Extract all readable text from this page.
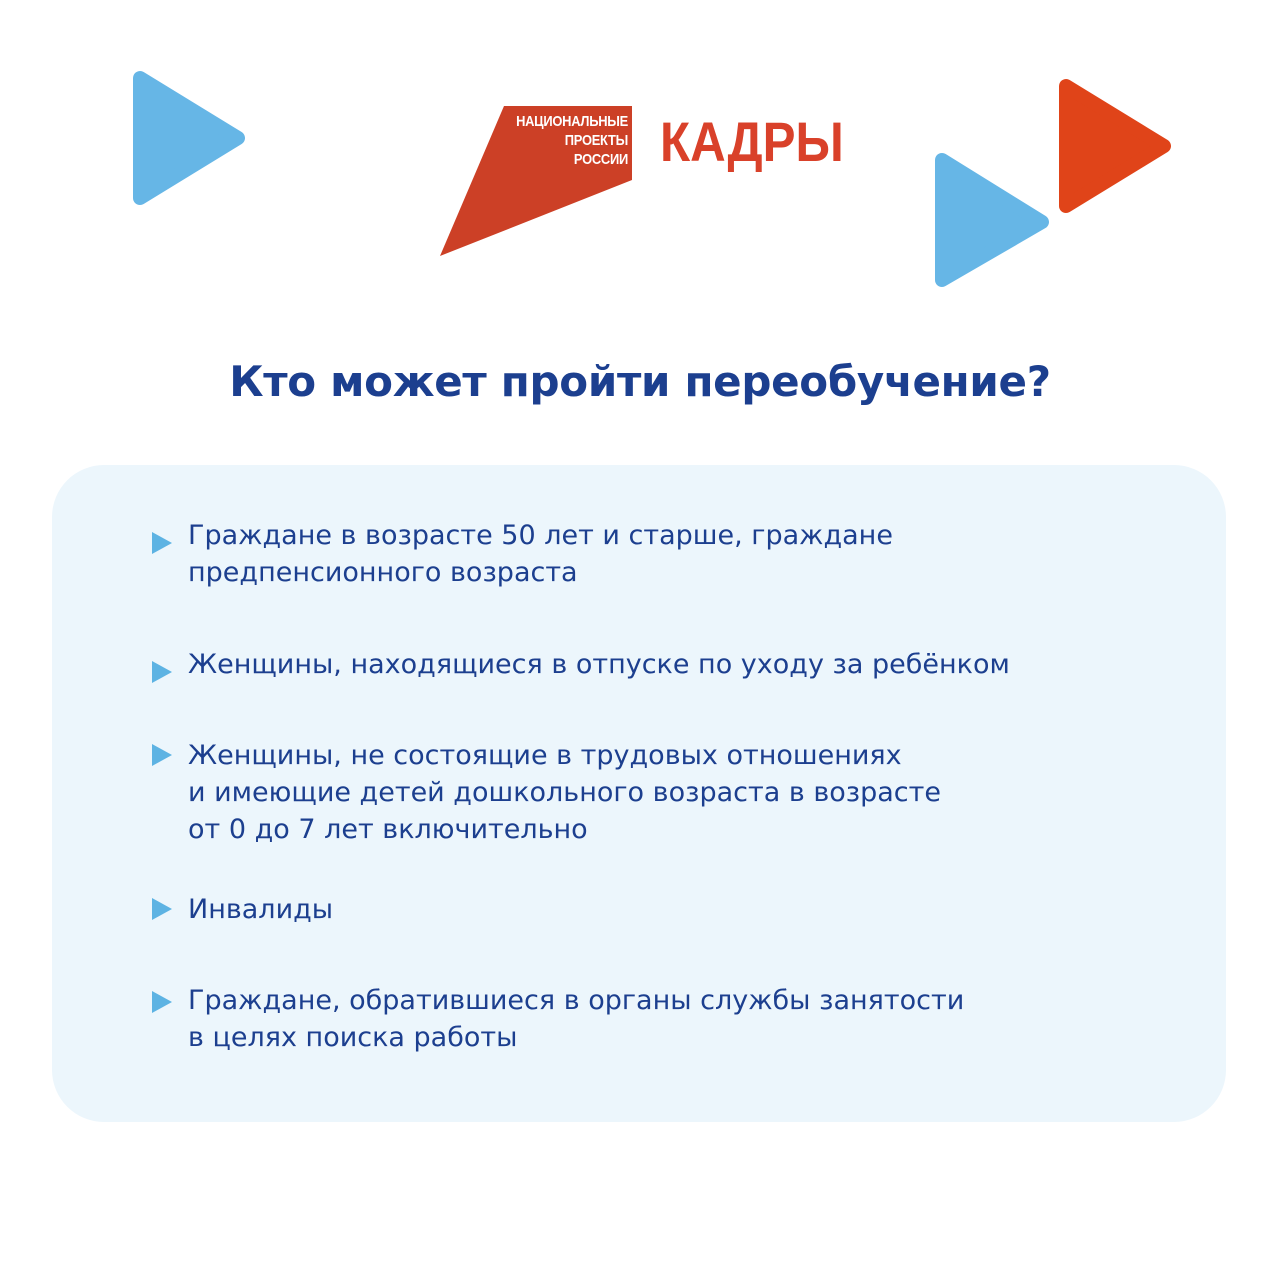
НАЦИОНАЛЬНЫЕ
ПРОЕКТЫ
РОССИИ КАДРЫ
Кто может пройти переобучение?
Граждане в возрасте 50 лет и старше, граждане
предпенсионного возраста
Женщины, находящиеся в отпуске по уходу за ребёнком
Женщины, не состоящие в трудовых отношениях
и имеющие детей дошкольного возраста в возрасте
от 0 до 7 лет включительно
Инвалиды
Граждане, обратившиеся в органы службы занятости
в целях поиска работы
